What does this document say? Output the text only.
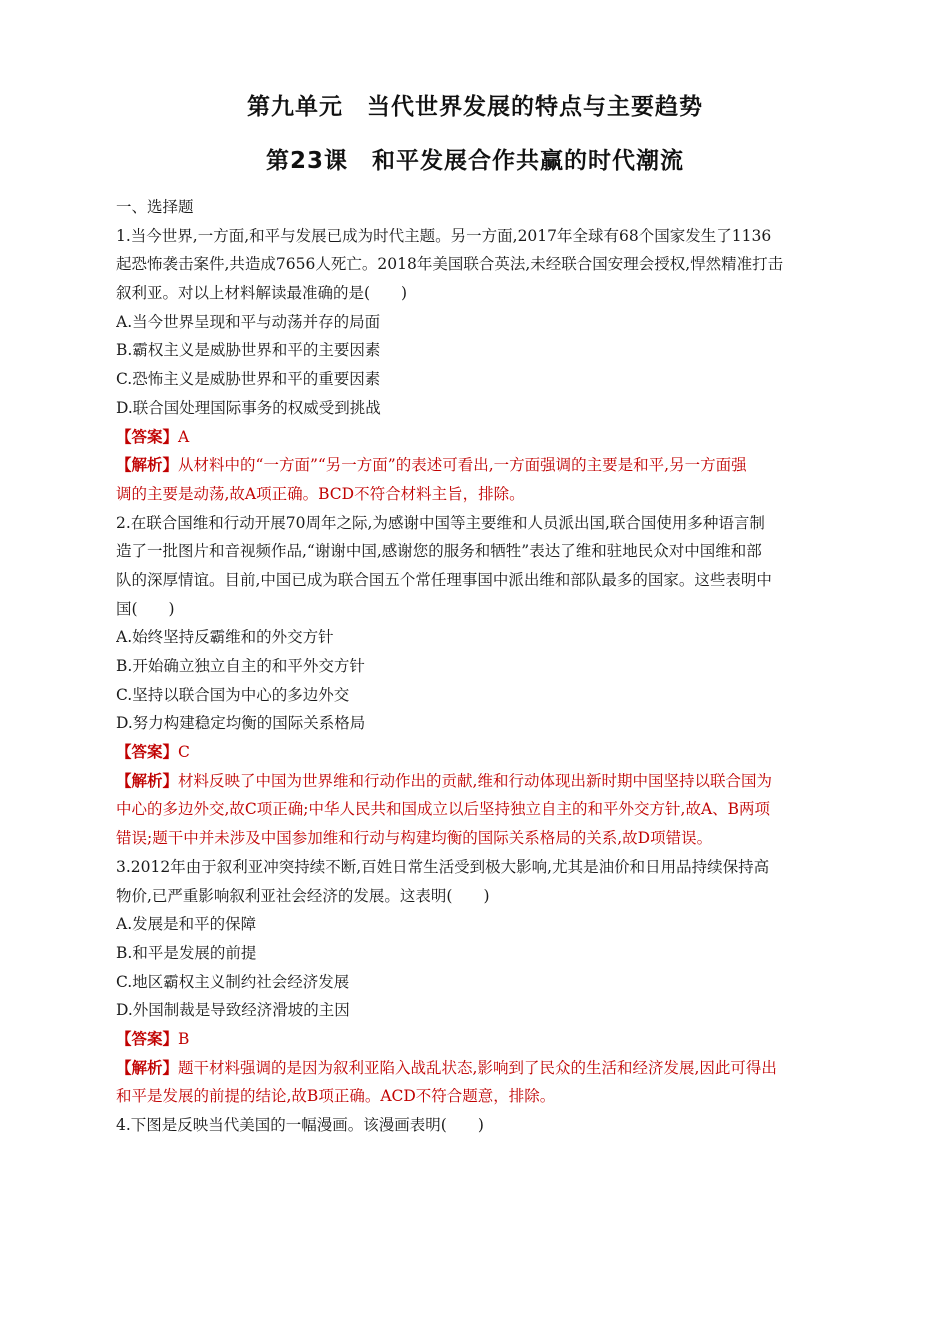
第九单元　当代世界发展的特点与主要趋势
第23课　和平发展合作共赢的时代潮流
一、选择题
1.当今世界,一方面,和平与发展已成为时代主题。另一方面,2017年全球有68个国家发生了1136
起恐怖袭击案件,共造成7656人死亡。2018年美国联合英法,未经联合国安理会授权,悍然精准打击
叙利亚。对以上材料解读最准确的是(　　)
A.当今世界呈现和平与动荡并存的局面
B.霸权主义是威胁世界和平的主要因素
C.恐怖主义是威胁世界和平的重要因素
D.联合国处理国际事务的权威受到挑战
【答案】A
【解析】从材料中的“一方面”“另一方面”的表述可看出,一方面强调的主要是和平,另一方面强
调的主要是动荡,故A项正确。BCD不符合材料主旨，排除。
2.在联合国维和行动开展70周年之际,为感谢中国等主要维和人员派出国,联合国使用多种语言制
造了一批图片和音视频作品,“谢谢中国,感谢您的服务和牺牲”表达了维和驻地民众对中国维和部
队的深厚情谊。目前,中国已成为联合国五个常任理事国中派出维和部队最多的国家。这些表明中
国(　　)
A.始终坚持反霸维和的外交方针
B.开始确立独立自主的和平外交方针
C.坚持以联合国为中心的多边外交
D.努力构建稳定均衡的国际关系格局
【答案】C
【解析】材料反映了中国为世界维和行动作出的贡献,维和行动体现出新时期中国坚持以联合国为
中心的多边外交,故C项正确;中华人民共和国成立以后坚持独立自主的和平外交方针,故A、B两项
错误;题干中并未涉及中国参加维和行动与构建均衡的国际关系格局的关系,故D项错误。
3.2012年由于叙利亚冲突持续不断,百姓日常生活受到极大影响,尤其是油价和日用品持续保持高
物价,已严重影响叙利亚社会经济的发展。这表明(　　)
A.发展是和平的保障
B.和平是发展的前提
C.地区霸权主义制约社会经济发展
D.外国制裁是导致经济滑坡的主因
【答案】B
【解析】题干材料强调的是因为叙利亚陷入战乱状态,影响到了民众的生活和经济发展,因此可得出
和平是发展的前提的结论,故B项正确。ACD不符合题意，排除。
4.下图是反映当代美国的一幅漫画。该漫画表明(　　)
